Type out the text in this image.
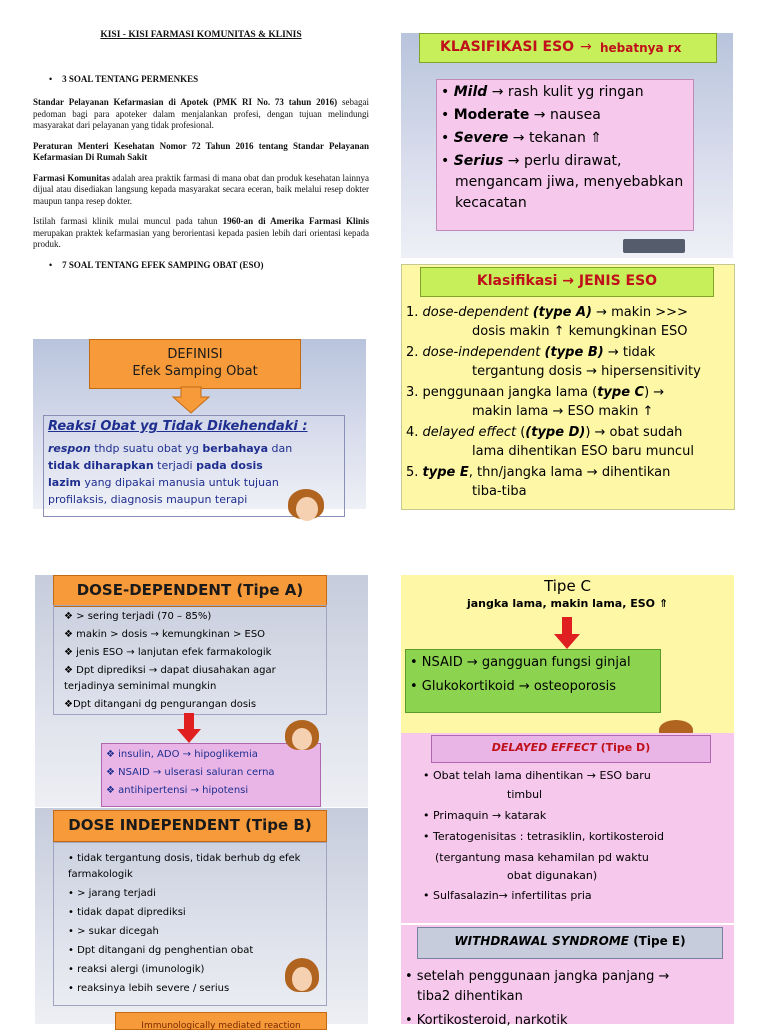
KISI - KISI FARMASI KOMUNITAS & KLINIS
• 3 SOAL TENTANG PERMENKES

Standar Pelayanan Kefarmasian di Apotek (PMK RI No. 73 tahun 2016) sebagai pedoman bagi para apoteker dalam menjalankan profesi, dengan tujuan melindungi masyarakat dari pelayanan yang tidak profesional.

Peraturan Menteri Kesehatan Nomor 72 Tahun 2016 tentang Standar Pelayanan Kefarmasian Di Rumah Sakit

Farmasi Komunitas adalah area praktik farmasi di mana obat dan produk kesehatan lainnya dijual atau disediakan langsung kepada masyarakat secara eceran, baik melalui resep dokter maupun tanpa resep dokter.

Istilah farmasi klinik mulai muncul pada tahun 1960-an di Amerika Farmasi Klinis merupakan praktek kefarmasian yang berorientasi kepada pasien lebih dari orientasi kepada produk.

• 7 SOAL TENTANG EFEK SAMPING OBAT (ESO)
DEFINISI
Efek Samping Obat
Reaksi Obat yg Tidak Dikehendaki :
respon thdp suatu obat yg berbahaya dan
tidak diharapkan terjadi pada dosis
lazim yang dipakai manusia untuk tujuan
profilaksis, diagnosis maupun terapi
KLASIFIKASI ESO → hebatnya rx
• Mild → rash kulit yg ringan
• Moderate → nausea
• Severe → tekanan ⇑
• Serius → perlu dirawat,
mengancam jiwa, menyebabkan
kecacatan
Klasifikasi → JENIS ESO
1. dose-dependent (type A) → makin >>>
dosis makin ↑ kemungkinan ESO
2. dose-independent (type B) → tidak
tergantung dosis → hipersensitivity
3. penggunaan jangka lama (type C) →
makin lama → ESO makin ↑
4. delayed effect ((type D)) → obat sudah
lama dihentikan ESO baru muncul
5. type E, thn/jangka lama → dihentikan
tiba-tiba
DOSE-DEPENDENT (Tipe A)
❖ > sering terjadi (70 – 85%)
❖ makin > dosis → kemungkinan > ESO
❖ jenis ESO → lanjutan efek farmakologik
❖ Dpt diprediksi → dapat diusahakan agar
terjadinya seminimal mungkin
❖Dpt ditangani dg pengurangan dosis
❖ insulin, ADO → hipoglikemia
❖ NSAID → ulserasi saluran cerna
❖ antihipertensi → hipotensi
DOSE INDEPENDENT (Tipe B)
• tidak tergantung dosis, tidak berhub dg efek
farmakologik
• > jarang terjadi
• tidak dapat diprediksi
• > sukar dicegah
• Dpt ditangani dg penghentian obat
• reaksi alergi (imunologik)
• reaksinya lebih severe / serius
Immunologically mediated reaction
Tipe C
jangka lama, makin lama, ESO ⇑
• NSAID → gangguan fungsi ginjal
• Glukokortikoid → osteoporosis
DELAYED EFFECT (Tipe D)
• Obat telah lama dihentikan → ESO baru
timbul
• Primaquin → katarak
• Teratogenisitas : tetrasiklin, kortikosteroid
(tergantung masa kehamilan pd waktu
obat digunakan)
• Sulfasalazin→ infertilitas pria
WITHDRAWAL SYNDROME (Tipe E)
• setelah penggunaan jangka panjang →
tiba2 dihentikan
• Kortikosteroid, narkotik
